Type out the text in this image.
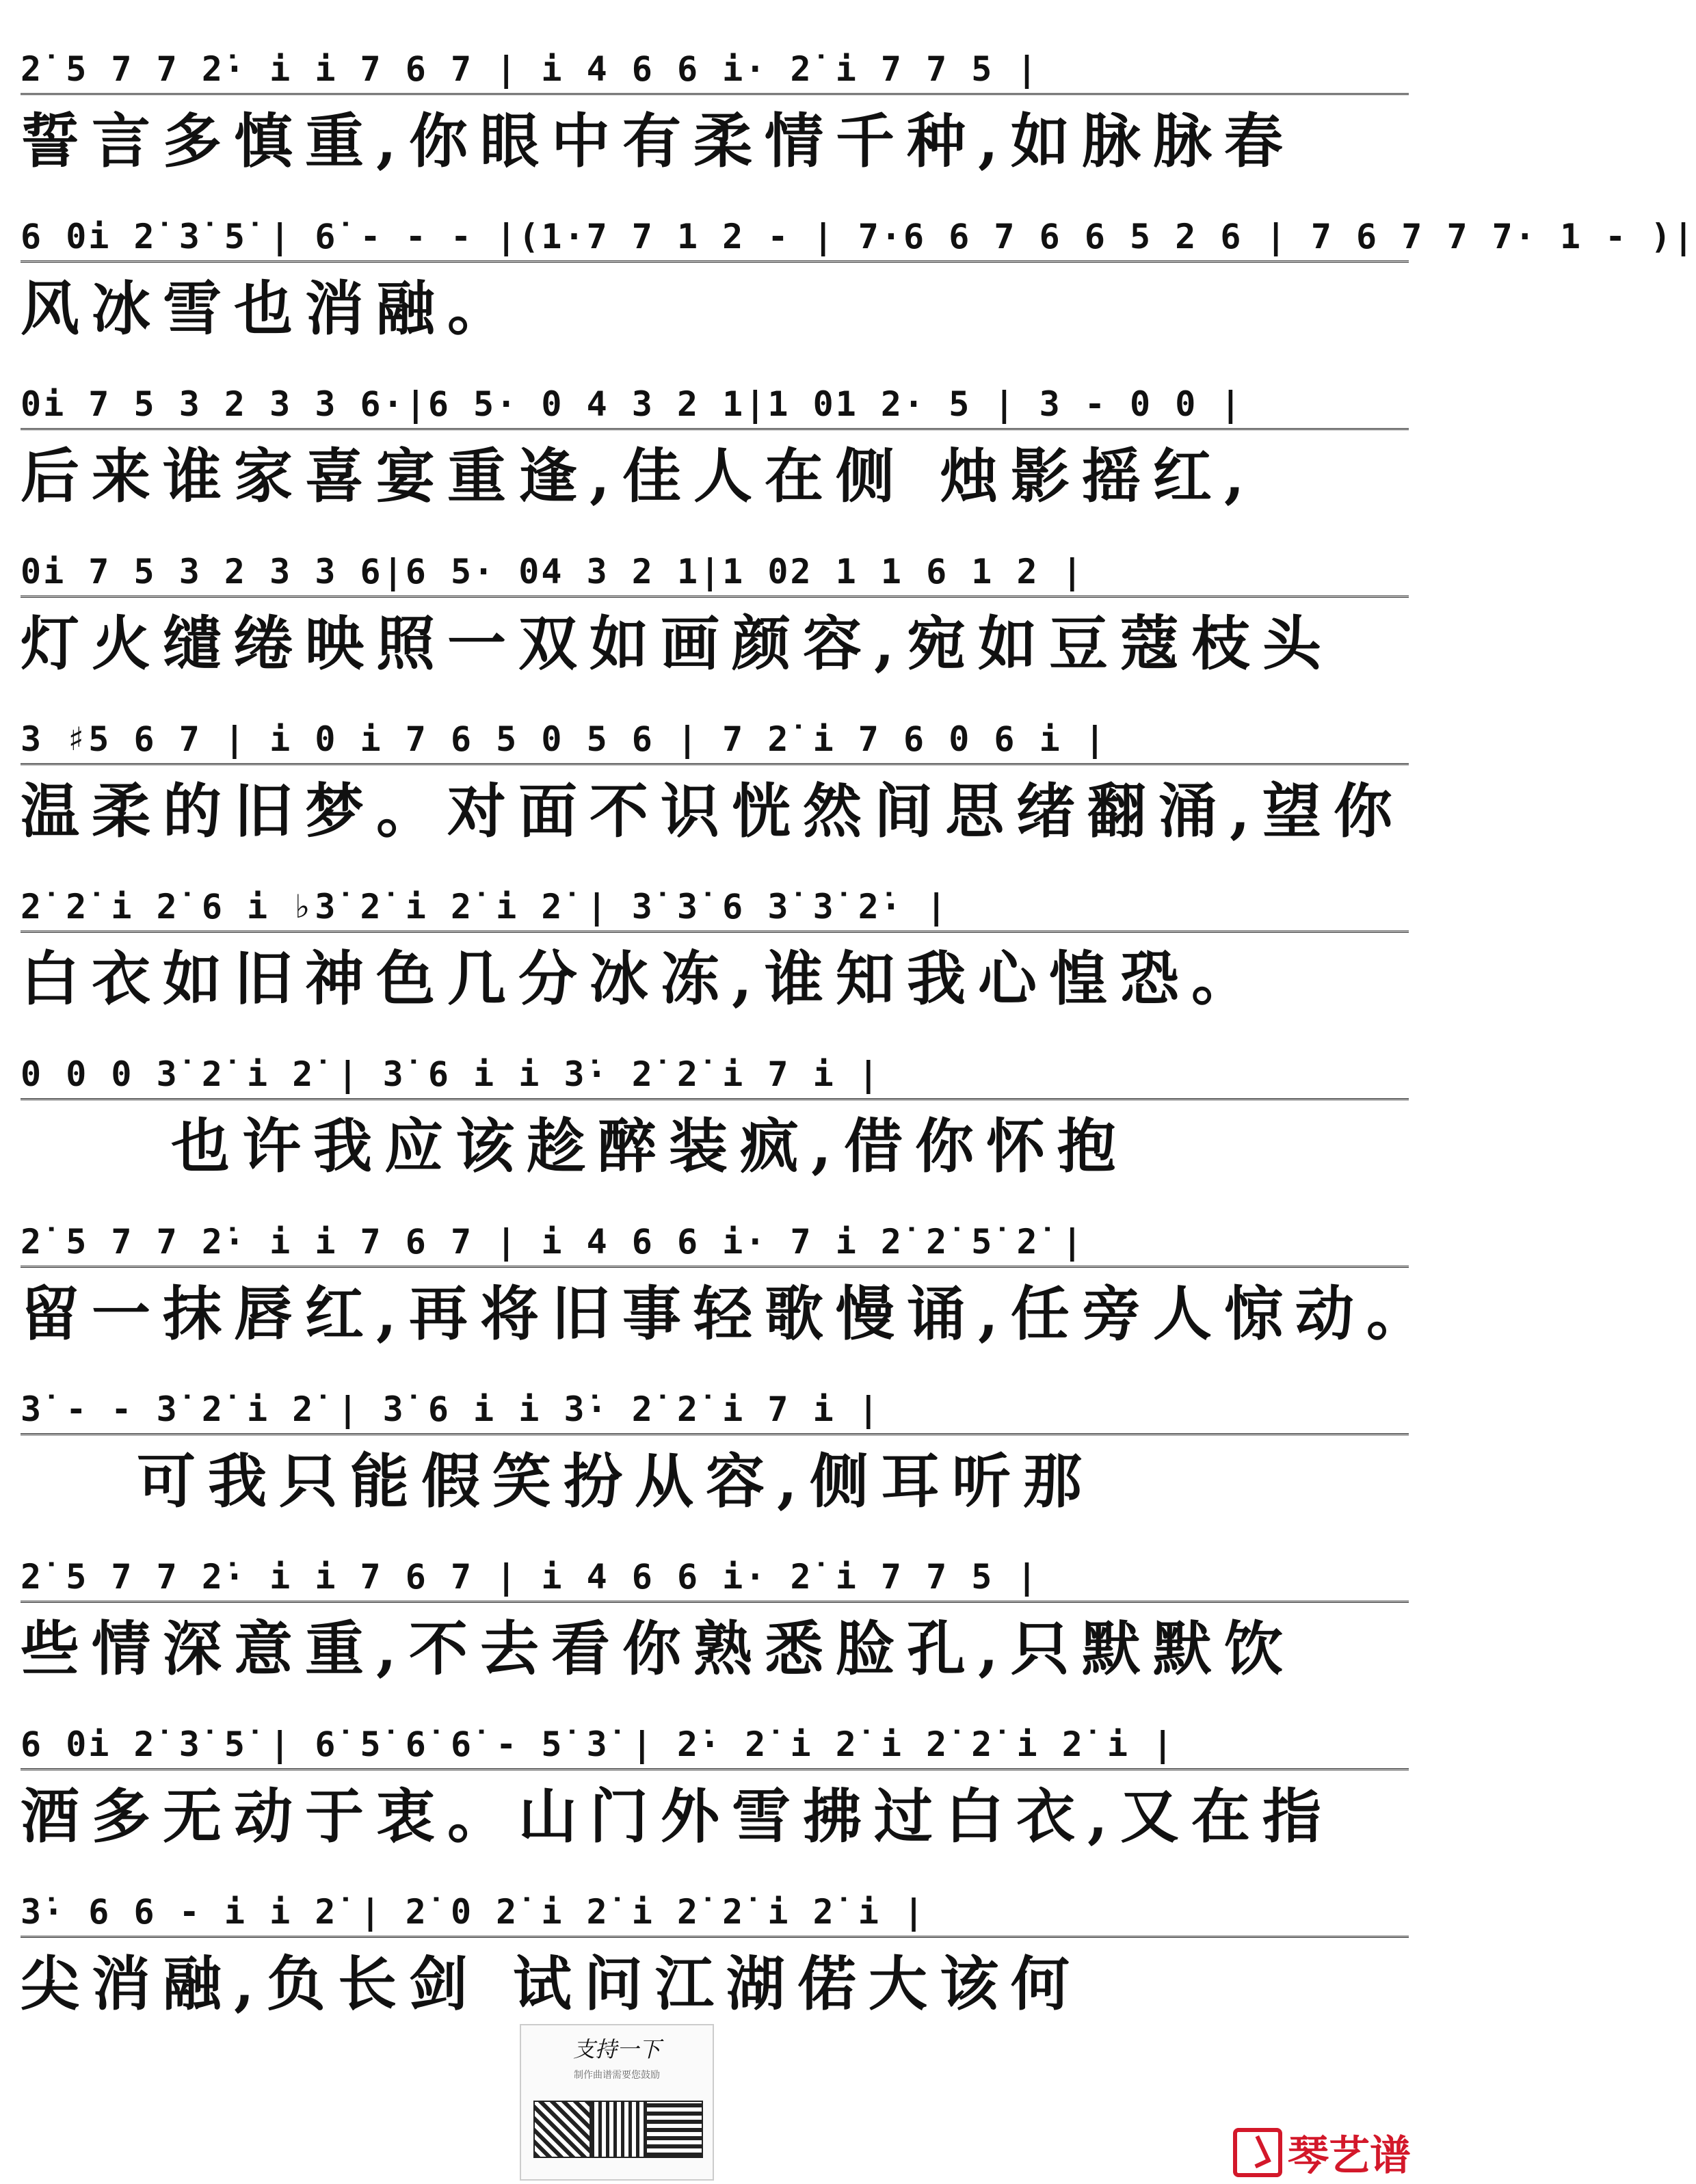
2̇ 5 7 7 2̇· i i 7 6 7 | i 4 6 6 i· 2̇ i 7 7 5 |
誓言多慎重,你眼中有柔情千种,如脉脉春
6 0i 2̇ 3̇ 5̇ | 6̇ - - - |(1·7 7 1 2 - | 7·6 6 7 6 6 5 2 6 | 7 6 7 7 7· 1 - )|
风冰雪也消融。
0i 7 5 3 2 3 3 6·|6 5· 0 4 3 2 1|1 01 2· 5 | 3 - 0 0 |
后来谁家喜宴重逢,佳人在侧 烛影摇红,
0i 7 5 3 2 3 3 6|6 5· 04 3 2 1|1 02 1 1 6 1 2 |
灯火缱绻映照一双如画颜容,宛如豆蔻枝头
3 ♯5 6 7 | i 0 i 7 6 5 0 5 6 | 7 2̇ i 7 6 0 6 i |
温柔的旧梦。对面不识恍然间思绪翻涌,望你
2̇ 2̇ i 2̇ 6 i ♭3̇ 2̇ i 2̇ i 2̇ | 3̇ 3̇ 6 3̇ 3̇ 2̇· |
白衣如旧神色几分冰冻,谁知我心惶恐。
0 0 0 3̇ 2̇ i 2̇ | 3̇ 6 i i 3̇· 2̇ 2̇ i 7 i |
也许我应该趁醉装疯,借你怀抱
2̇ 5 7 7 2̇· i i 7 6 7 | i 4 6 6 i· 7 i 2̇ 2̇ 5̇ 2̇ |
留一抹唇红,再将旧事轻歌慢诵,任旁人惊动。
3̇ - - 3̇ 2̇ i 2̇ | 3̇ 6 i i 3̇· 2̇ 2̇ i 7 i |
可我只能假笑扮从容,侧耳听那
2̇ 5 7 7 2̇· i i 7 6 7 | i 4 6 6 i· 2̇ i 7 7 5 |
些情深意重,不去看你熟悉脸孔,只默默饮
6 0i 2̇ 3̇ 5̇ | 6̇ 5̇ 6̇ 6̇ - 5̇ 3̇ | 2̇· 2̇ i 2̇ i 2̇ 2̇ i 2̇ i |
酒多无动于衷。山门外雪拂过白衣,又在指
3̇· 6 6 - i i 2̇ | 2̇ 0 2̇ i 2̇ i 2̇ 2̇ i 2̇ i |
尖消融,负长剑 试问江湖偌大该何
支持一下
制作曲谱需要您鼓励
琴艺谱
